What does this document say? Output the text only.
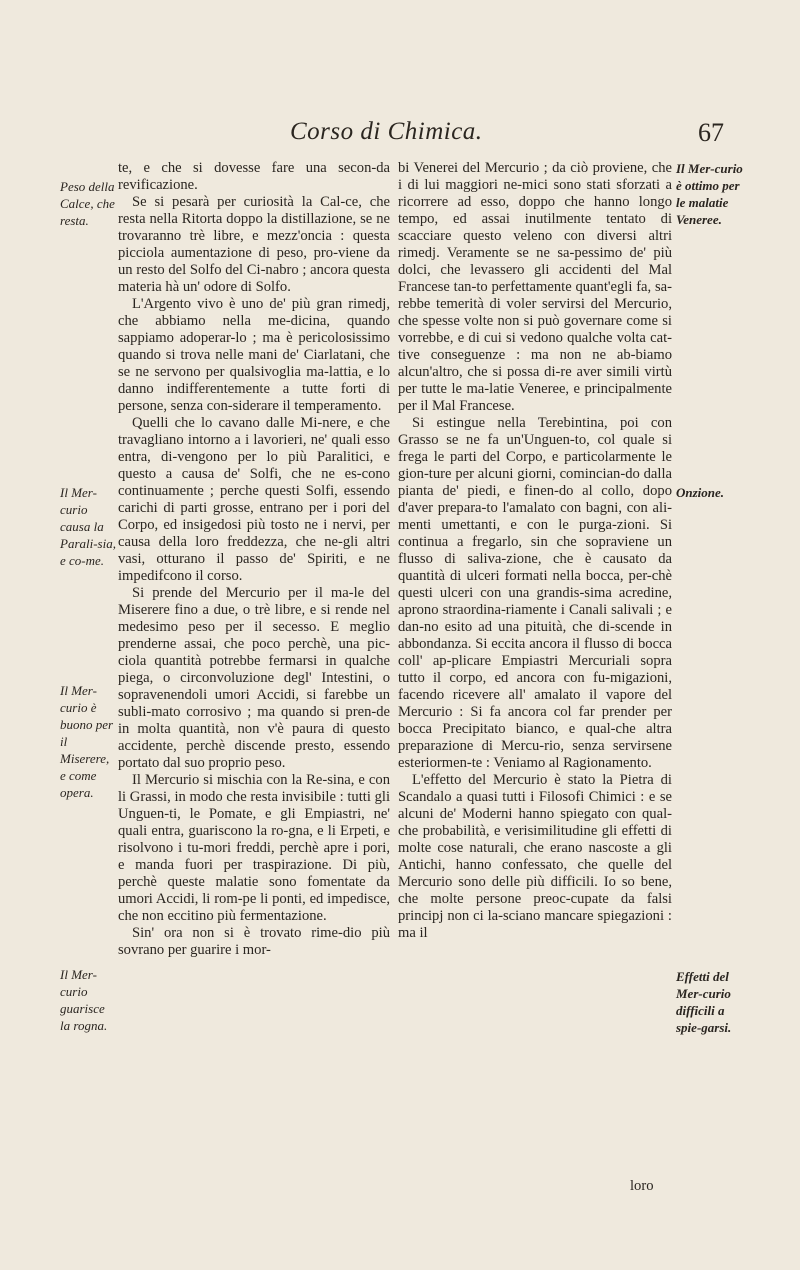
Corso di Chimica.	67
Peso della Calce, che resta.
Il Mer-curio causa la Parali-sia, e co-me.
Il Mer-curio è buono per il Miserere, e come opera.
Il Mer-curio guarisce la rogna.
Il Mer-curio è ottimo per le malatie Veneree.
Onzione.
Effetti del Mer-curio difficili a spie-garsi.

te, e che si dovesse fare una secon-da revificazione.

Se si pesarà per curiosità la Cal-ce, che resta nella Ritorta doppo la distillazione, se ne trovaranno trè libre, e mezz'oncia : questa picciola aumentazione di peso, pro-viene da un resto del Solfo del Ci-nabro ; ancora questa materia hà un' odore di Solfo.

L'Argento vivo è uno de' più gran rimedj, che abbiamo nella me-dicina, quando sappiamo adoperar-lo ; ma è pericolosissimo quando si trova nelle mani de' Ciarlatani, che se ne servono per qualsivoglia ma-lattia, e lo danno indifferentemente a tutte forti di persone, senza con-siderare il temperamento.

Quelli che lo cavano dalle Mi-nere, e che travagliano intorno a i lavorieri, ne' quali esso entra, di-vengono per lo più Paralitici, e questo a causa de' Solfi, che ne es-cono continuamente ; perche questi Solfi, essendo carichi di parti grosse, entrano per i pori del Corpo, ed insigedosi più tosto ne i nervi, per causa della loro freddezza, che ne-gli altri vasi, otturano il passo de' Spiriti, e ne impedifcono il corso.

Si prende del Mercurio per il ma-le del Miserere fino a due, o trè libre, e si rende nel medesimo peso per il secesso. E meglio prenderne assai, che poco perchè, una pic-ciola quantità potrebbe fermarsi in qualche piega, o circonvoluzione degl' Intestini, o sopravenendoli umori Accidi, si farebbe un subli-mato corrosivo ; ma quando si pren-de in molta quantità, non v'è paura di questo accidente, perchè discende presto, essendo portato dal suo proprio peso.

Il Mercurio si mischia con la Re-sina, e con li Grassi, in modo che resta invisibile : tutti gli Unguen-ti, le Pomate, e gli Empiastri, ne' quali entra, guariscono la ro-gna, e li Erpeti, e risolvono i tu-mori freddi, perchè apre i pori, e manda fuori per traspirazione. Di più, perchè queste malatie sono fomentate da umori Accidi, li rom-pe li ponti, ed impedisce, che non eccitino più fermentazione.

Sin' ora non si è trovato rime-dio più sovrano per guarire i mor-

bi Venerei del Mercurio ; da ciò proviene, che i di lui maggiori ne-mici sono stati sforzati a ricorrere ad esso, doppo che hanno longo tempo, ed assai inutilmente tentato di scacciare questo veleno con diversi altri rimedj. Veramente se ne sa-pessimo de' più dolci, che levassero gli accidenti del Mal Francese tan-to perfettamente quant'egli fa, sa-rebbe temerità di voler servirsi del Mercurio, che spesse volte non si può governare come si vorrebbe, e di cui si vedono qualche volta cat-tive conseguenze : ma non ne ab-biamo alcun'altro, che si possa di-re aver simili virtù per tutte le ma-latie Veneree, e principalmente per il Mal Francese.

Si estingue nella Terebintina, poi con Grasso se ne fa un'Unguen-to, col quale si frega le parti del Corpo, e particolarmente le gion-ture per alcuni giorni, comincian-do dalla pianta de' piedi, e finen-do al collo, dopo d'aver prepara-to l'amalato con bagni, con ali-menti umettanti, e con le purga-zioni. Si continua a fregarlo, sin che sopraviene un flusso di saliva-zione, che è causato da quantità di ulceri formati nella bocca, per-chè questi ulceri con una grandis-sima acredine, aprono straordina-riamente i Canali salivali ; e dan-no esito ad una pituità, che di-scende in abbondanza. Si eccita ancora il flusso di bocca coll' ap-plicare Empiastri Mercuriali sopra tutto il corpo, ed ancora con fu-migazioni, facendo ricevere all' amalato il vapore del Mercurio : Si fa ancora col far prender per bocca Precipitato bianco, e qual-che altra preparazione di Mercu-rio, senza servirsene esteriormen-te : Veniamo al Ragionamento.

L'effetto del Mercurio è stato la Pietra di Scandalo a quasi tutti i Filosofi Chimici : e se alcuni de' Moderni hanno spiegato con qual-che probabilità, e verisimilitudine gli effetti di molte cose naturali, che erano nascoste a gli Antichi, hanno confessato, che quelle del Mercurio sono delle più difficili. Io so bene, che molte persone preoc-cupate da falsi principj non ci la-sciano mancare spiegazioni : ma il

loro
